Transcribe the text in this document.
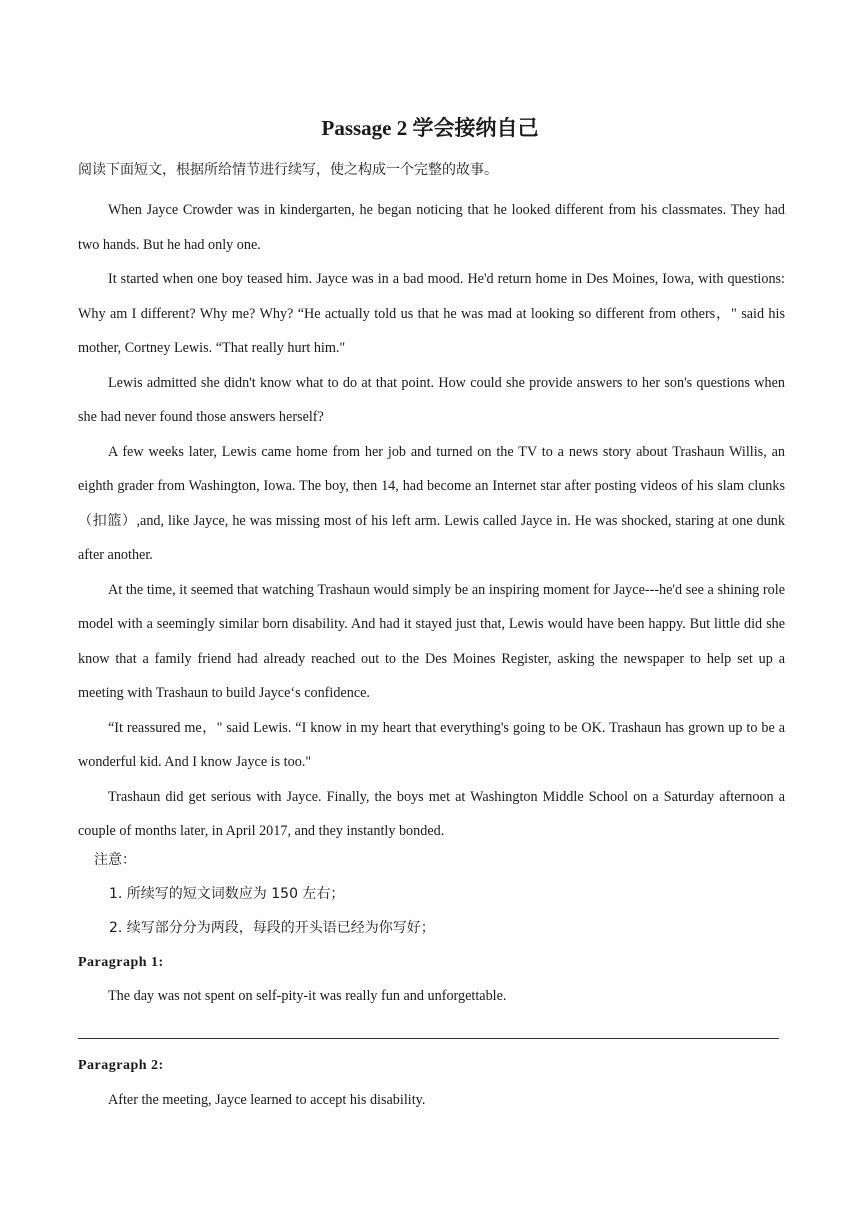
Passage 2 学会接纳自己
阅读下面短文，根据所给情节进行续写，使之构成一个完整的故事。

When Jayce Crowder was in kindergarten, he began noticing that he looked different from his classmates. They had two hands. But he had only one.

It started when one boy teased him. Jayce was in a bad mood. He'd return home in Des Moines, Iowa, with questions: Why am I different? Why me? Why? “He actually told us that he was mad at looking so different from others，" said his mother, Cortney Lewis. “That really hurt him."

Lewis admitted she didn't know what to do at that point. How could she provide answers to her son's questions when she had never found those answers herself?

A few weeks later, Lewis came home from her job and turned on the TV to a news story about Trashaun Willis, an eighth grader from Washington, Iowa. The boy, then 14, had become an Internet star after posting videos of his slam clunks（扣篮）,and, like Jayce, he was missing most of his left arm. Lewis called Jayce in. He was shocked, staring at one dunk after another.

At the time, it seemed that watching Trashaun would simply be an inspiring moment for Jayce---he'd see a shining role model with a seemingly similar born disability. And had it stayed just that, Lewis would have been happy. But little did she know that a family friend had already reached out to the Des Moines Register, asking the newspaper to help set up a meeting with Trashaun to build Jayce‘s confidence.

“It reassured me，" said Lewis. “I know in my heart that everything's going to be OK. Trashaun has grown up to be a wonderful kid. And I know Jayce is too."

Trashaun did get serious with Jayce. Finally, the boys met at Washington Middle School on a Saturday afternoon a couple of months later, in April 2017, and they instantly bonded.

注意：
1. 所续写的短文词数应为 150 左右；
2. 续写部分分为两段，每段的开头语已经为你写好；
Paragraph 1:
The day was not spent on self-pity-it was really fun and unforgettable.
Paragraph 2:
After the meeting, Jayce learned to accept his disability.
